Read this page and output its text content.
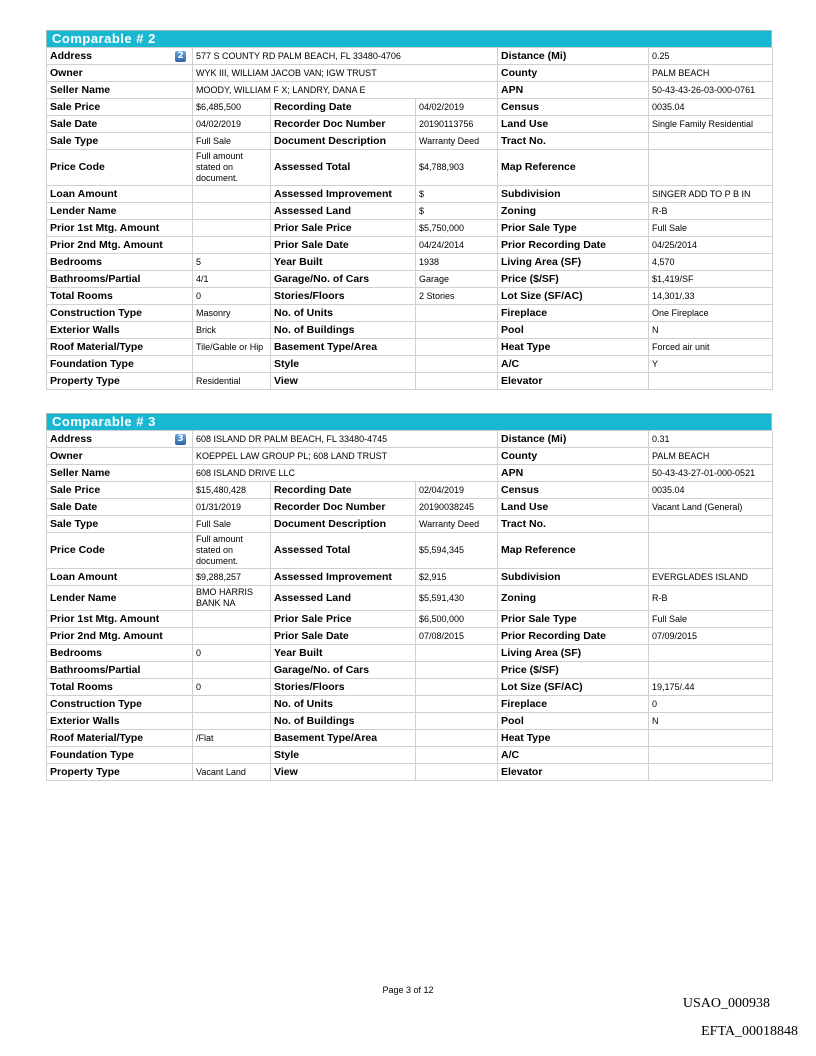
Comparable # 2
Address 2	577 S COUNTY RD PALM BEACH, FL 33480-4706			Distance (Mi)	0.25
Owner	WYK III, WILLIAM JACOB VAN; IGW TRUST			County	PALM BEACH
Seller Name	MOODY, WILLIAM F X; LANDRY, DANA E			APN	50-43-43-26-03-000-0761
Sale Price	$6,485,500	Recording Date	04/02/2019	Census	0035.04
Sale Date	04/02/2019	Recorder Doc Number	20190113756	Land Use	Single Family Residential
Sale Type	Full Sale	Document Description	Warranty Deed	Tract No.	
Price Code	Full amount stated on document.	Assessed Total	$4,788,903	Map Reference	
Loan Amount		Assessed Improvement	$	Subdivision	SINGER ADD TO P B IN
Lender Name		Assessed Land	$	Zoning	R-B
Prior 1st Mtg. Amount		Prior Sale Price	$5,750,000	Prior Sale Type	Full Sale
Prior 2nd Mtg. Amount		Prior Sale Date	04/24/2014	Prior Recording Date	04/25/2014
Bedrooms	5	Year Built	1938	Living Area (SF)	4,570
Bathrooms/Partial	4/1	Garage/No. of Cars	Garage	Price ($/SF)	$1,419/SF
Total Rooms	0	Stories/Floors	2 Stories	Lot Size (SF/AC)	14,301/.33
Construction Type	Masonry	No. of Units		Fireplace	One Fireplace
Exterior Walls	Brick	No. of Buildings		Pool	N
Roof Material/Type	Tile/Gable or Hip	Basement Type/Area		Heat Type	Forced air unit
Foundation Type		Style		A/C	Y
Property Type	Residential	View		Elevator	
Comparable # 3
Address 3	608 ISLAND DR PALM BEACH, FL 33480-4745			Distance (Mi)	0.31
Owner	KOEPPEL LAW GROUP PL; 608 LAND TRUST			County	PALM BEACH
Seller Name	608 ISLAND DRIVE LLC			APN	50-43-43-27-01-000-0521
Sale Price	$15,480,428	Recording Date	02/04/2019	Census	0035.04
Sale Date	01/31/2019	Recorder Doc Number	20190038245	Land Use	Vacant Land (General)
Sale Type	Full Sale	Document Description	Warranty Deed	Tract No.	
Price Code	Full amount stated on document.	Assessed Total	$5,594,345	Map Reference	
Loan Amount	$9,288,257	Assessed Improvement	$2,915	Subdivision	EVERGLADES ISLAND
Lender Name	BMO HARRIS BANK NA	Assessed Land	$5,591,430	Zoning	R-B
Prior 1st Mtg. Amount		Prior Sale Price	$6,500,000	Prior Sale Type	Full Sale
Prior 2nd Mtg. Amount		Prior Sale Date	07/08/2015	Prior Recording Date	07/09/2015
Bedrooms	0	Year Built		Living Area (SF)	
Bathrooms/Partial		Garage/No. of Cars		Price ($/SF)	
Total Rooms	0	Stories/Floors		Lot Size (SF/AC)	19,175/.44
Construction Type		No. of Units		Fireplace	0
Exterior Walls		No. of Buildings		Pool	N
Roof Material/Type	/Flat	Basement Type/Area		Heat Type	
Foundation Type		Style		A/C	
Property Type	Vacant Land	View		Elevator	
Page 3 of 12
USAO_000938
EFTA_00018848
